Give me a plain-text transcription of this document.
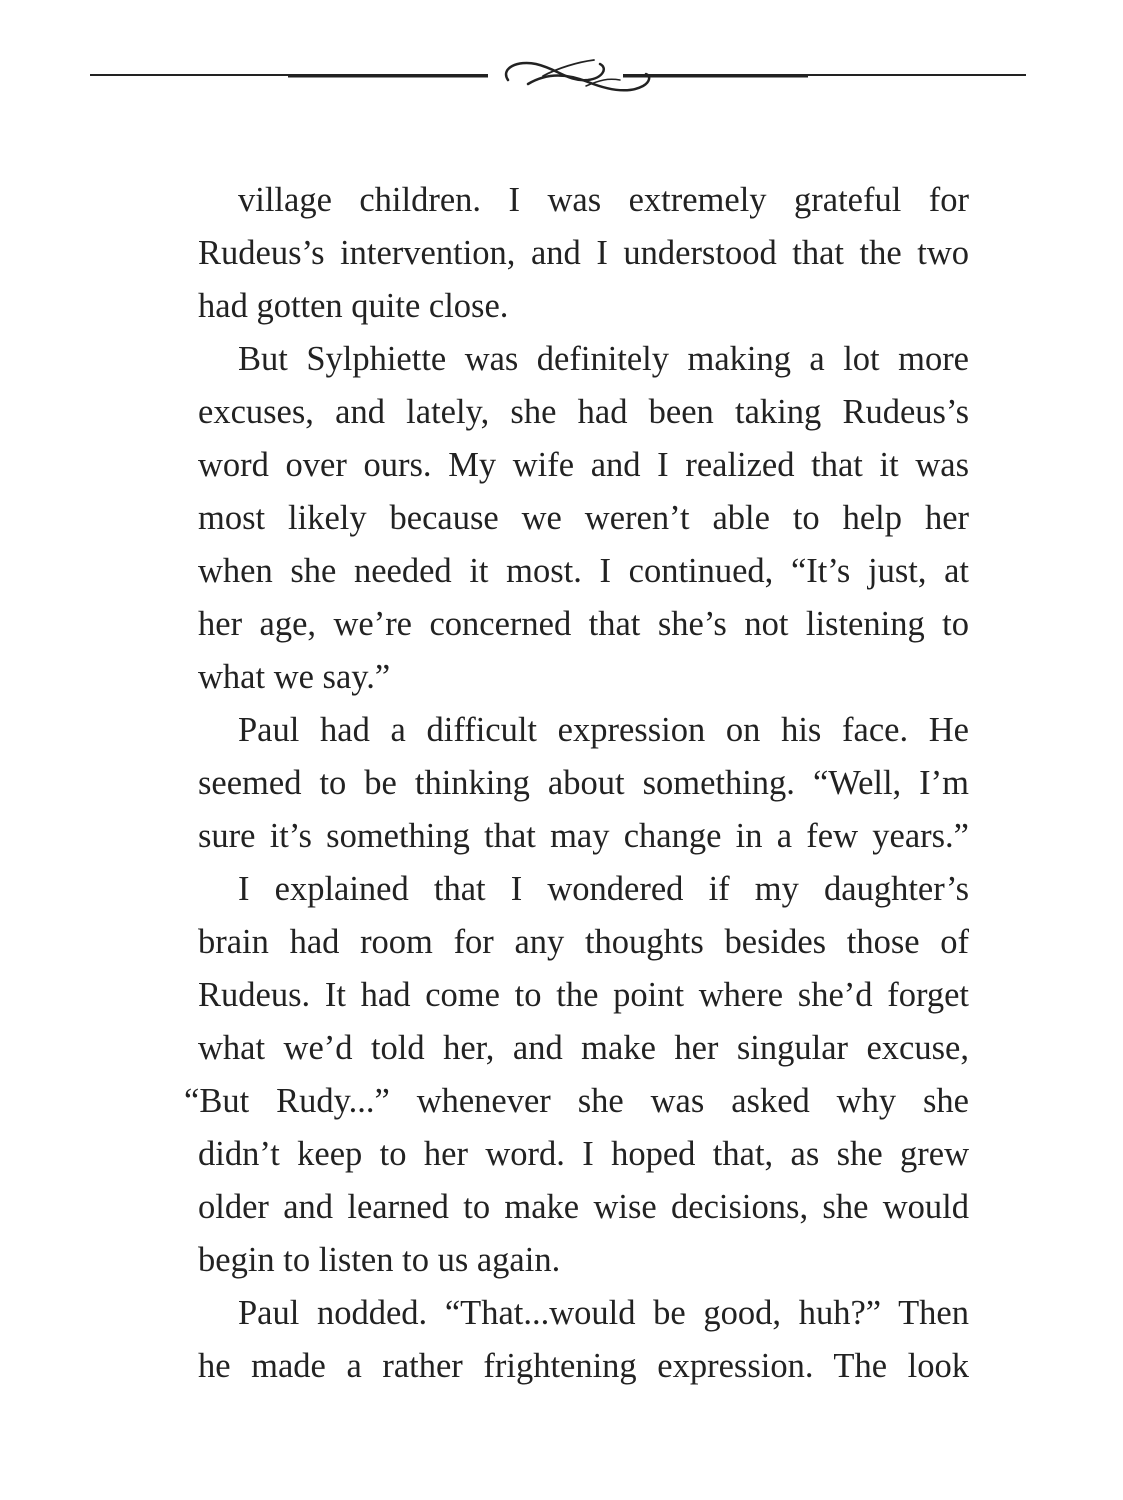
village children. I was extremely grateful for
Rudeus’s intervention, and I understood that the two
had gotten quite close.
But Sylphiette was definitely making a lot more
excuses, and lately, she had been taking Rudeus’s
word over ours. My wife and I realized that it was
most likely because we weren’t able to help her
when she needed it most. I continued, “It’s just, at
her age, we’re concerned that she’s not listening to
what we say.”
Paul had a difficult expression on his face. He
seemed to be thinking about something. “Well, I’m
sure it’s something that may change in a few years.”
I explained that I wondered if my daughter’s
brain had room for any thoughts besides those of
Rudeus. It had come to the point where she’d forget
what we’d told her, and make her singular excuse,
“But Rudy...” whenever she was asked why she
didn’t keep to her word. I hoped that, as she grew
older and learned to make wise decisions, she would
begin to listen to us again.
Paul nodded. “That...would be good, huh?” Then
he made a rather frightening expression. The look
